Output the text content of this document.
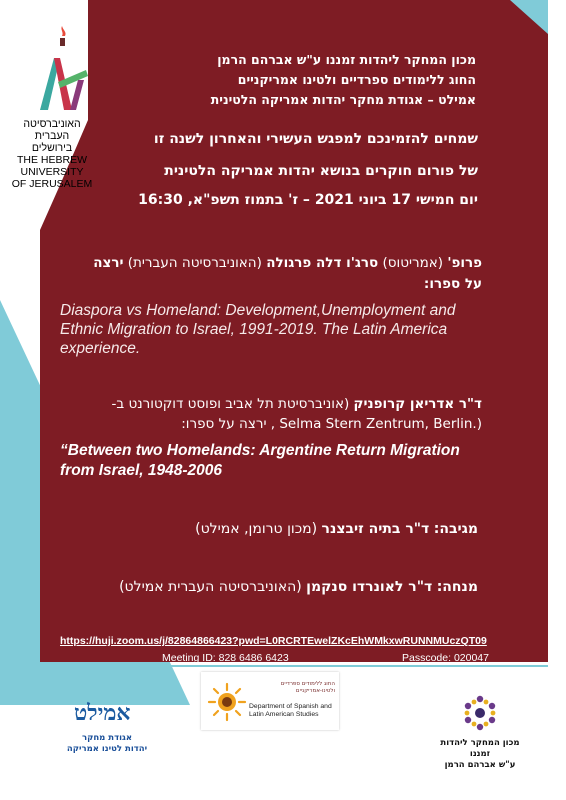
האוניברסיטה
העברית
בירושלים
THE HEBREW
UNIVERSITY
OF JERUSALEM
מכון המחקר ליהדות זמננו ע"ש אברהם הרמן
החוג ללימודים ספרדיים ולטינו אמריקניים
אמילט – אגודת מחקר יהדות אמריקה הלטינית
שמחים להזמינכם למפגש העשירי והאחרון לשנה זו
של פורום חוקרים בנושא יהדות אמריקה הלטינית
יום חמישי 17 ביוני 2021 – ז' בתמוז תשפ"א, 16:30
פרופ' (אמריטוס) סרג'ו דלה פרגולה (האוניברסיטה העברית) ירצה
על ספרו:
Diaspora vs Homeland: Development,Unemployment and
Ethnic Migration to Israel, 1991-2019. The Latin America
experience.
ד"ר אדריאן קרופניק (אוניברסיטת תל אביב ופוסט דוקטורנט ב-
, ירצה על ספרו: Selma Stern Zentrum, Berlin.)
“Between two Homelands: Argentine Return Migration
from Israel, 1948-2006
מגיבה: ד"ר בתיה זיבצנר (מכון טרומן, אמילט)
מנחה: ד"ר לאונרדו סנקמן (האוניברסיטה העברית אמילט)
https://huji.zoom.us/j/82864866423?pwd=L0RCRTEwelZKcEhWMkxwRUNNMUczQT09
Meeting ID: 828 6486 6423	Passcode: 020047
החוג ללימודים ספרדיים
ולטינו-אמריקניים
Department of Spanish and
Latin American Studies
אמילט
אגודת מחקר
יהדות לטינו אמריקה
מכון המחקר ליהדות זמננו
ע"ש אברהם הרמן
